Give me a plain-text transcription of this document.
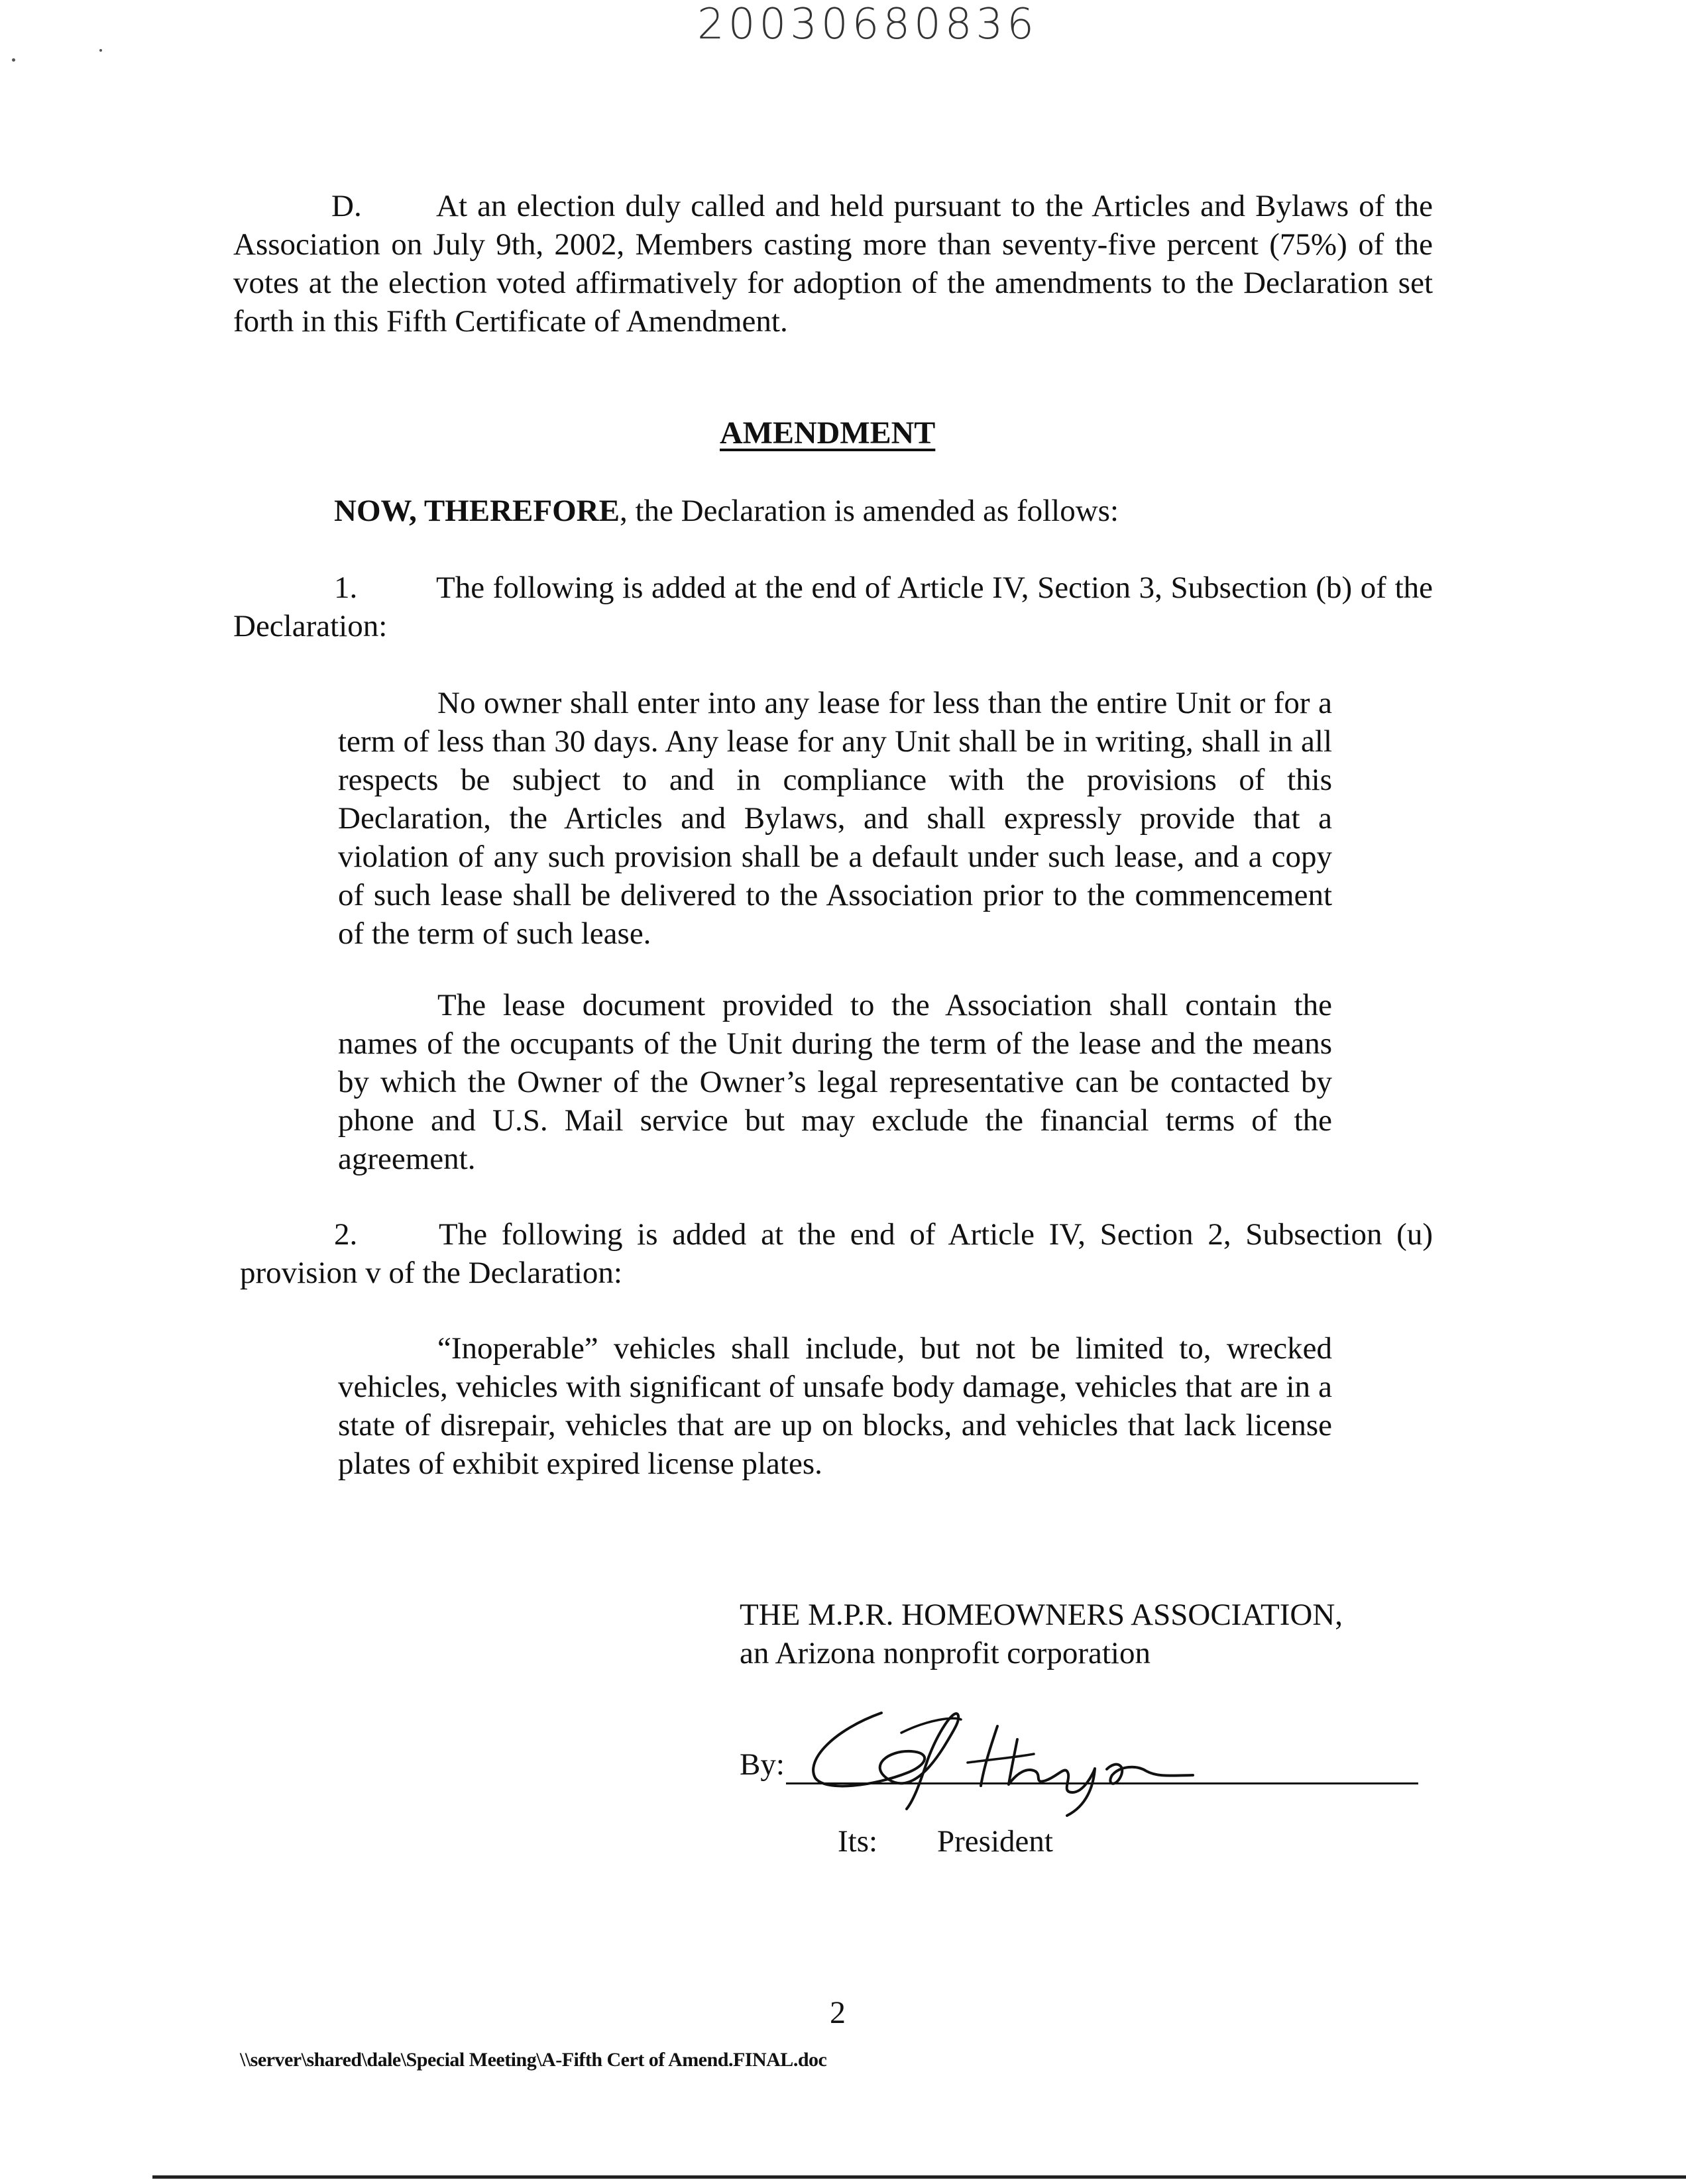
20030680836

D. At an election duly called and held pursuant to the Articles and Bylaws of the Association on July 9th, 2002, Members casting more than seventy-five percent (75%) of the votes at the election voted affirmatively for adoption of the amendments to the Declaration set forth in this Fifth Certificate of Amendment.

AMENDMENT
NOW, THEREFORE, the Declaration is amended as follows:

1.	The following is added at the end of Article IV, Section 3, Subsection (b) of the Declaration:

No owner shall enter into any lease for less than the entire Unit or for a term of less than 30 days. Any lease for any Unit shall be in writing, shall in all respects be subject to and in compliance with the provisions of this Declaration, the Articles and Bylaws, and shall expressly provide that a violation of any such provision shall be a default under such lease, and a copy of such lease shall be delivered to the Association prior to the commencement of the term of such lease.

The lease document provided to the Association shall contain the names of the occupants of the Unit during the term of the lease and the means by which the Owner of the Owner’s legal representative can be contacted by phone and U.S. Mail service but may exclude the financial terms of the agreement.

2.	The following is added at the end of Article IV, Section 2, Subsection (u) provision v of the Declaration:

“Inoperable” vehicles shall include, but not be limited to, wrecked vehicles, vehicles with significant of unsafe body damage, vehicles that are in a state of disrepair, vehicles that are up on blocks, and vehicles that lack license plates of exhibit expired license plates.

THE M.P.R. HOMEOWNERS ASSOCIATION,
an Arizona nonprofit corporation
By:
Its: President
2
\\server\shared\dale\Special Meeting\A-Fifth Cert of Amend.FINAL.doc
